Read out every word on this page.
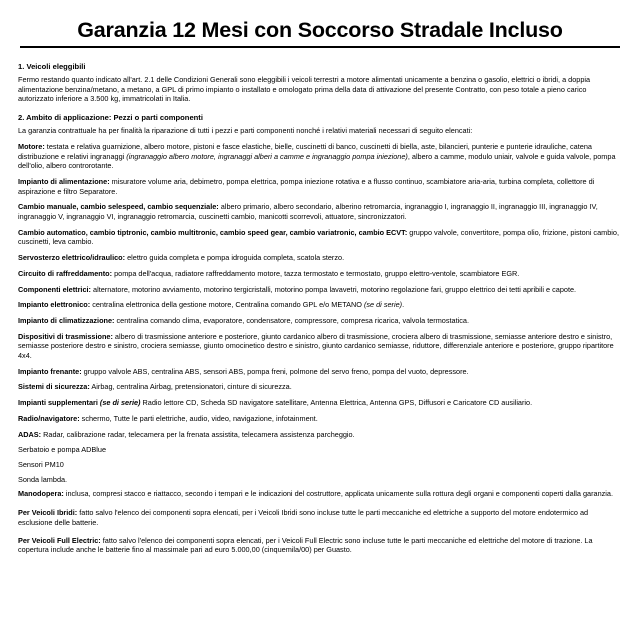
Garanzia 12 Mesi con Soccorso Stradale Incluso
1. Veicoli eleggibili
Fermo restando quanto indicato all'art. 2.1 delle Condizioni Generali sono eleggibili i veicoli terrestri a motore alimentati unicamente a benzina o gasolio, elettrici o ibridi, a doppia alimentazione benzina/metano, a metano, a GPL di primo impianto o installato e omologato prima della data di attivazione del presente Contratto, con peso totale a pieno carico autorizzato inferiore a 3.500 kg, immatricolati in Italia.
2. Ambito di applicazione: Pezzi o parti componenti
La garanzia contrattuale ha per finalità la riparazione di tutti i pezzi e parti componenti nonché i relativi materiali necessari di seguito elencati:
Motore: testata e relativa guarnizione, albero motore, pistoni e fasce elastiche, bielle, cuscinetti di banco, cuscinetti di biella, aste, bilancieri, punterie e punterie idrauliche, catena distribuzione e relativi ingranaggi (ingranaggio albero motore, ingranaggi alberi a camme e ingranaggio pompa iniezione), albero a camme, modulo uniair, valvole e guida valvole, pompa dell'olio, albero controrotante.
Impianto di alimentazione: misuratore volume aria, debimetro, pompa elettrica, pompa iniezione rotativa e a flusso continuo, scambiatore aria-aria, turbina completa, collettore di aspirazione e filtro Separatore.
Cambio manuale, cambio selespeed, cambio sequenziale: albero primario, albero secondario, alberino retromarcia, ingranaggio I, ingranaggio II, ingranaggio III, ingranaggio IV, ingranaggio V, ingranaggio VI, ingranaggio retromarcia, cuscinetti cambio, manicotti scorrevoli, attuatore, sincronizzatori.
Cambio automatico, cambio tiptronic, cambio multitronic, cambio speed gear, cambio variatronic, cambio ECVT: gruppo valvole, convertitore, pompa olio, frizione, pistoni cambio, cuscinetti, leva cambio.
Servosterzo elettrico/idraulico: elettro guida completa e pompa idroguida completa, scatola sterzo.
Circuito di raffreddamento: pompa dell'acqua, radiatore raffreddamento motore, tazza termostato e termostato, gruppo elettro-ventole, scambiatore EGR.
Componenti elettrici: alternatore, motorino avviamento, motorino tergicristalli, motorino pompa lavavetri, motorino regolazione fari, gruppo elettrico dei tetti apribili e capote.
Impianto elettronico: centralina elettronica della gestione motore, Centralina comando GPL e/o METANO (se di serie).
Impianto di climatizzazione: centralina comando clima, evaporatore, condensatore, compressore, compresa ricarica, valvola termostatica.
Dispositivi di trasmissione: albero di trasmissione anteriore e posteriore, giunto cardanico albero di trasmissione, crociera albero di trasmissione, semiasse anteriore destro e sinistro, semiasse posteriore destro e sinistro, crociera semiasse, giunto omocinetico destro e sinistro, giunto cardanico semiasse, riduttore, differenziale anteriore e posteriore, gruppo ripartitore 4x4.
Impianto frenante: gruppo valvole ABS, centralina ABS, sensori ABS, pompa freni, polmone del servo freno, pompa del vuoto, depressore.
Sistemi di sicurezza: Airbag, centralina Airbag, pretensionatori, cinture di sicurezza.
Impianti supplementari (se di serie) Radio lettore CD, Scheda SD navigatore satellitare, Antenna Elettrica, Antenna GPS, Diffusori e Caricatore CD ausiliario.
Radio/navigatore: schermo, Tutte le parti elettriche, audio, video, navigazione, infotainment.
ADAS: Radar, calibrazione radar, telecamera per la frenata assistita, telecamera assistenza parcheggio.
Serbatoio e pompa ADBlue
Sensori PM10
Sonda lambda.
Manodopera: inclusa, compresi stacco e riattacco, secondo i tempari e le indicazioni del costruttore, applicata unicamente sulla rottura degli organi e componenti coperti dalla garanzia.
Per Veicoli Ibridi: fatto salvo l'elenco dei componenti sopra elencati, per i Veicoli Ibridi sono incluse tutte le parti meccaniche ed elettriche a supporto del motore endotermico ad esclusione delle batterie.
Per Veicoli Full Electric: fatto salvo l'elenco dei componenti sopra elencati, per i Veicoli Full Electric sono incluse tutte le parti meccaniche ed elettriche del motore di trazione. La copertura include anche le batterie fino al massimale pari ad euro 5.000,00 (cinquemila/00) per Guasto.
